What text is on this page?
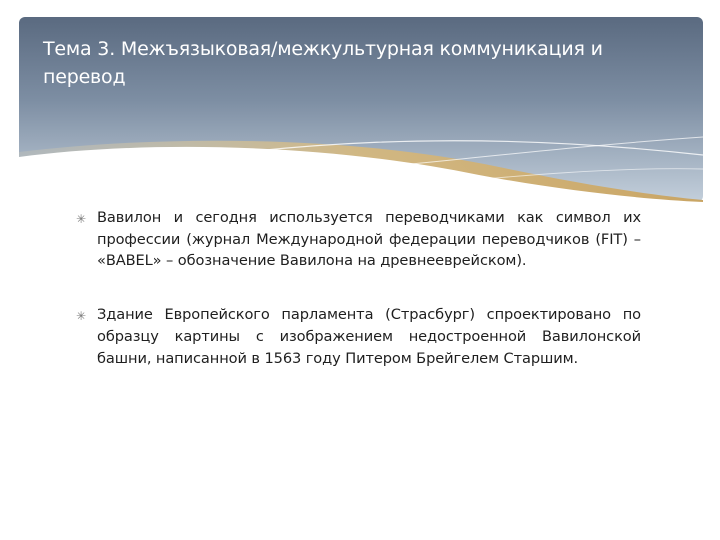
Тема 3. Межъязыковая/межкультурная коммуникация и перевод
✳ Вавилон и сегодня используется переводчиками как символ их профессии (журнал Международной федерации переводчиков (FIT) – «BABEL» – обозначение Вавилона на древнееврейском).

✳ Здание Европейского парламента (Страсбург) спроектировано по образцу картины с изображением недостроенной Вавилонской башни, написанной в 1563 году Питером Брейгелем Старшим.
